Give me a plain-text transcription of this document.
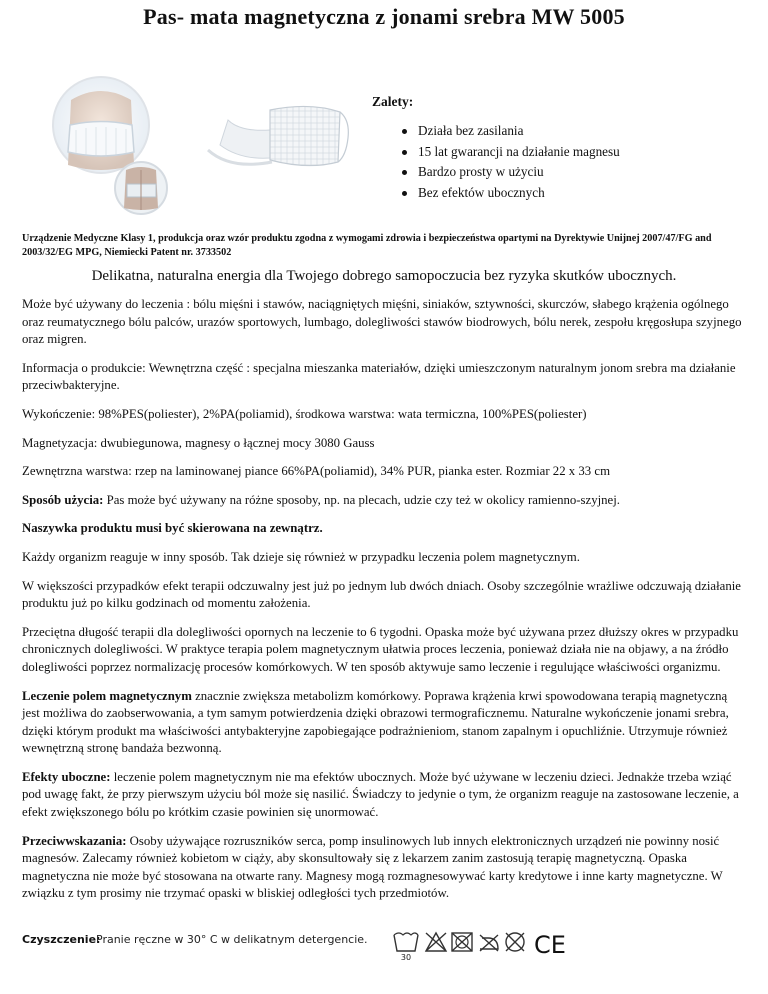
Pas- mata magnetyczna z jonami srebra MW 5005
Zalety:
Działa bez zasilania
15 lat gwarancji na działanie magnesu
Bardzo prosty w użyciu
Bez efektów ubocznych
Urządzenie Medyczne Klasy 1, produkcja oraz wzór produktu zgodna z wymogami zdrowia i bezpieczeństwa opartymi na Dyrektywie Unijnej 2007/47/FG and 2003/32/EG MPG, Niemiecki Patent nr. 3733502
Delikatna, naturalna energia dla Twojego dobrego samopoczucia bez ryzyka skutków ubocznych.

Może być używany do leczenia : bólu mięśni i stawów, naciągniętych mięśni, siniaków, sztywności, skurczów, słabego krążenia ogólnego oraz reumatycznego bólu palców, urazów sportowych, lumbago, dolegliwości stawów biodrowych, bólu nerek, zespołu kręgosłupa szyjnego oraz migren.

Informacja o produkcie: Wewnętrzna część : specjalna mieszanka materiałów, dzięki umieszczonym naturalnym jonom srebra ma działanie przeciwbakteryjne.

Wykończenie: 98%PES(poliester), 2%PA(poliamid), środkowa warstwa: wata termiczna, 100%PES(poliester)

Magnetyzacja: dwubiegunowa, magnesy o łącznej mocy 3080 Gauss

Zewnętrzna warstwa: rzep na laminowanej piance 66%PA(poliamid), 34% PUR, pianka ester. Rozmiar 22 x 33 cm

Sposób użycia: Pas może być używany na różne sposoby, np. na plecach, udzie czy też w okolicy ramienno-szyjnej.

Naszywka produktu musi być skierowana na zewnątrz.

Każdy organizm reaguje w inny sposób. Tak dzieje się również w przypadku leczenia polem magnetycznym.

W większości przypadków efekt terapii odczuwalny jest już po jednym lub dwóch dniach. Osoby szczególnie wrażliwe odczuwają działanie produktu już po kilku godzinach od momentu założenia.

Przeciętna długość terapii dla dolegliwości opornych na leczenie to 6 tygodni. Opaska może być używana przez dłuższy okres w przypadku chronicznych dolegliwości. W praktyce terapia polem magnetycznym ułatwia proces leczenia, ponieważ działa nie na objawy, a na źródło dolegliwości poprzez normalizację procesów komórkowych. W ten sposób aktywuje samo leczenie i regulujące właściwości organizmu.

Leczenie polem magnetycznym znacznie zwiększa metabolizm komórkowy. Poprawa krążenia krwi spowodowana terapią magnetyczną jest możliwa do zaobserwowania, a tym samym potwierdzenia dzięki obrazowi termograficznemu. Naturalne wykończenie jonami srebra, dzięki którym produkt ma właściwości antybakteryjne zapobiegające podrażnieniom, stanom zapalnym i opuchliźnie. Utrzymuje również wewnętrzną stronę bandaża bezwonną.

Efekty uboczne: leczenie polem magnetycznym nie ma efektów ubocznych. Może być używane w leczeniu dzieci. Jednakże trzeba wziąć pod uwagę fakt, że przy pierwszym użyciu ból może się nasilić. Świadczy to jedynie o tym, że organizm reaguje na zastosowane leczenie, a efekt zwiększonego bólu po krótkim czasie powinien się unormować.

Przeciwwskazania: Osoby używające rozruszników serca, pomp insulinowych lub innych elektronicznych urządzeń nie powinny nosić magnesów. Zalecamy również kobietom w ciąży, aby skonsultowały się z lekarzem zanim zastosują terapię magnetyczną. Opaska magnetyczna nie może być stosowana na otwarte rany. Magnesy mogą rozmagnesowywać karty kredytowe i inne karty magnetyczne. W związku z tym prosimy nie trzymać opaski w bliskiej odległości tych przedmiotów.

Czyszczenie:
Pranie ręczne w 30° C w delikatnym detergencie.
30	CE
